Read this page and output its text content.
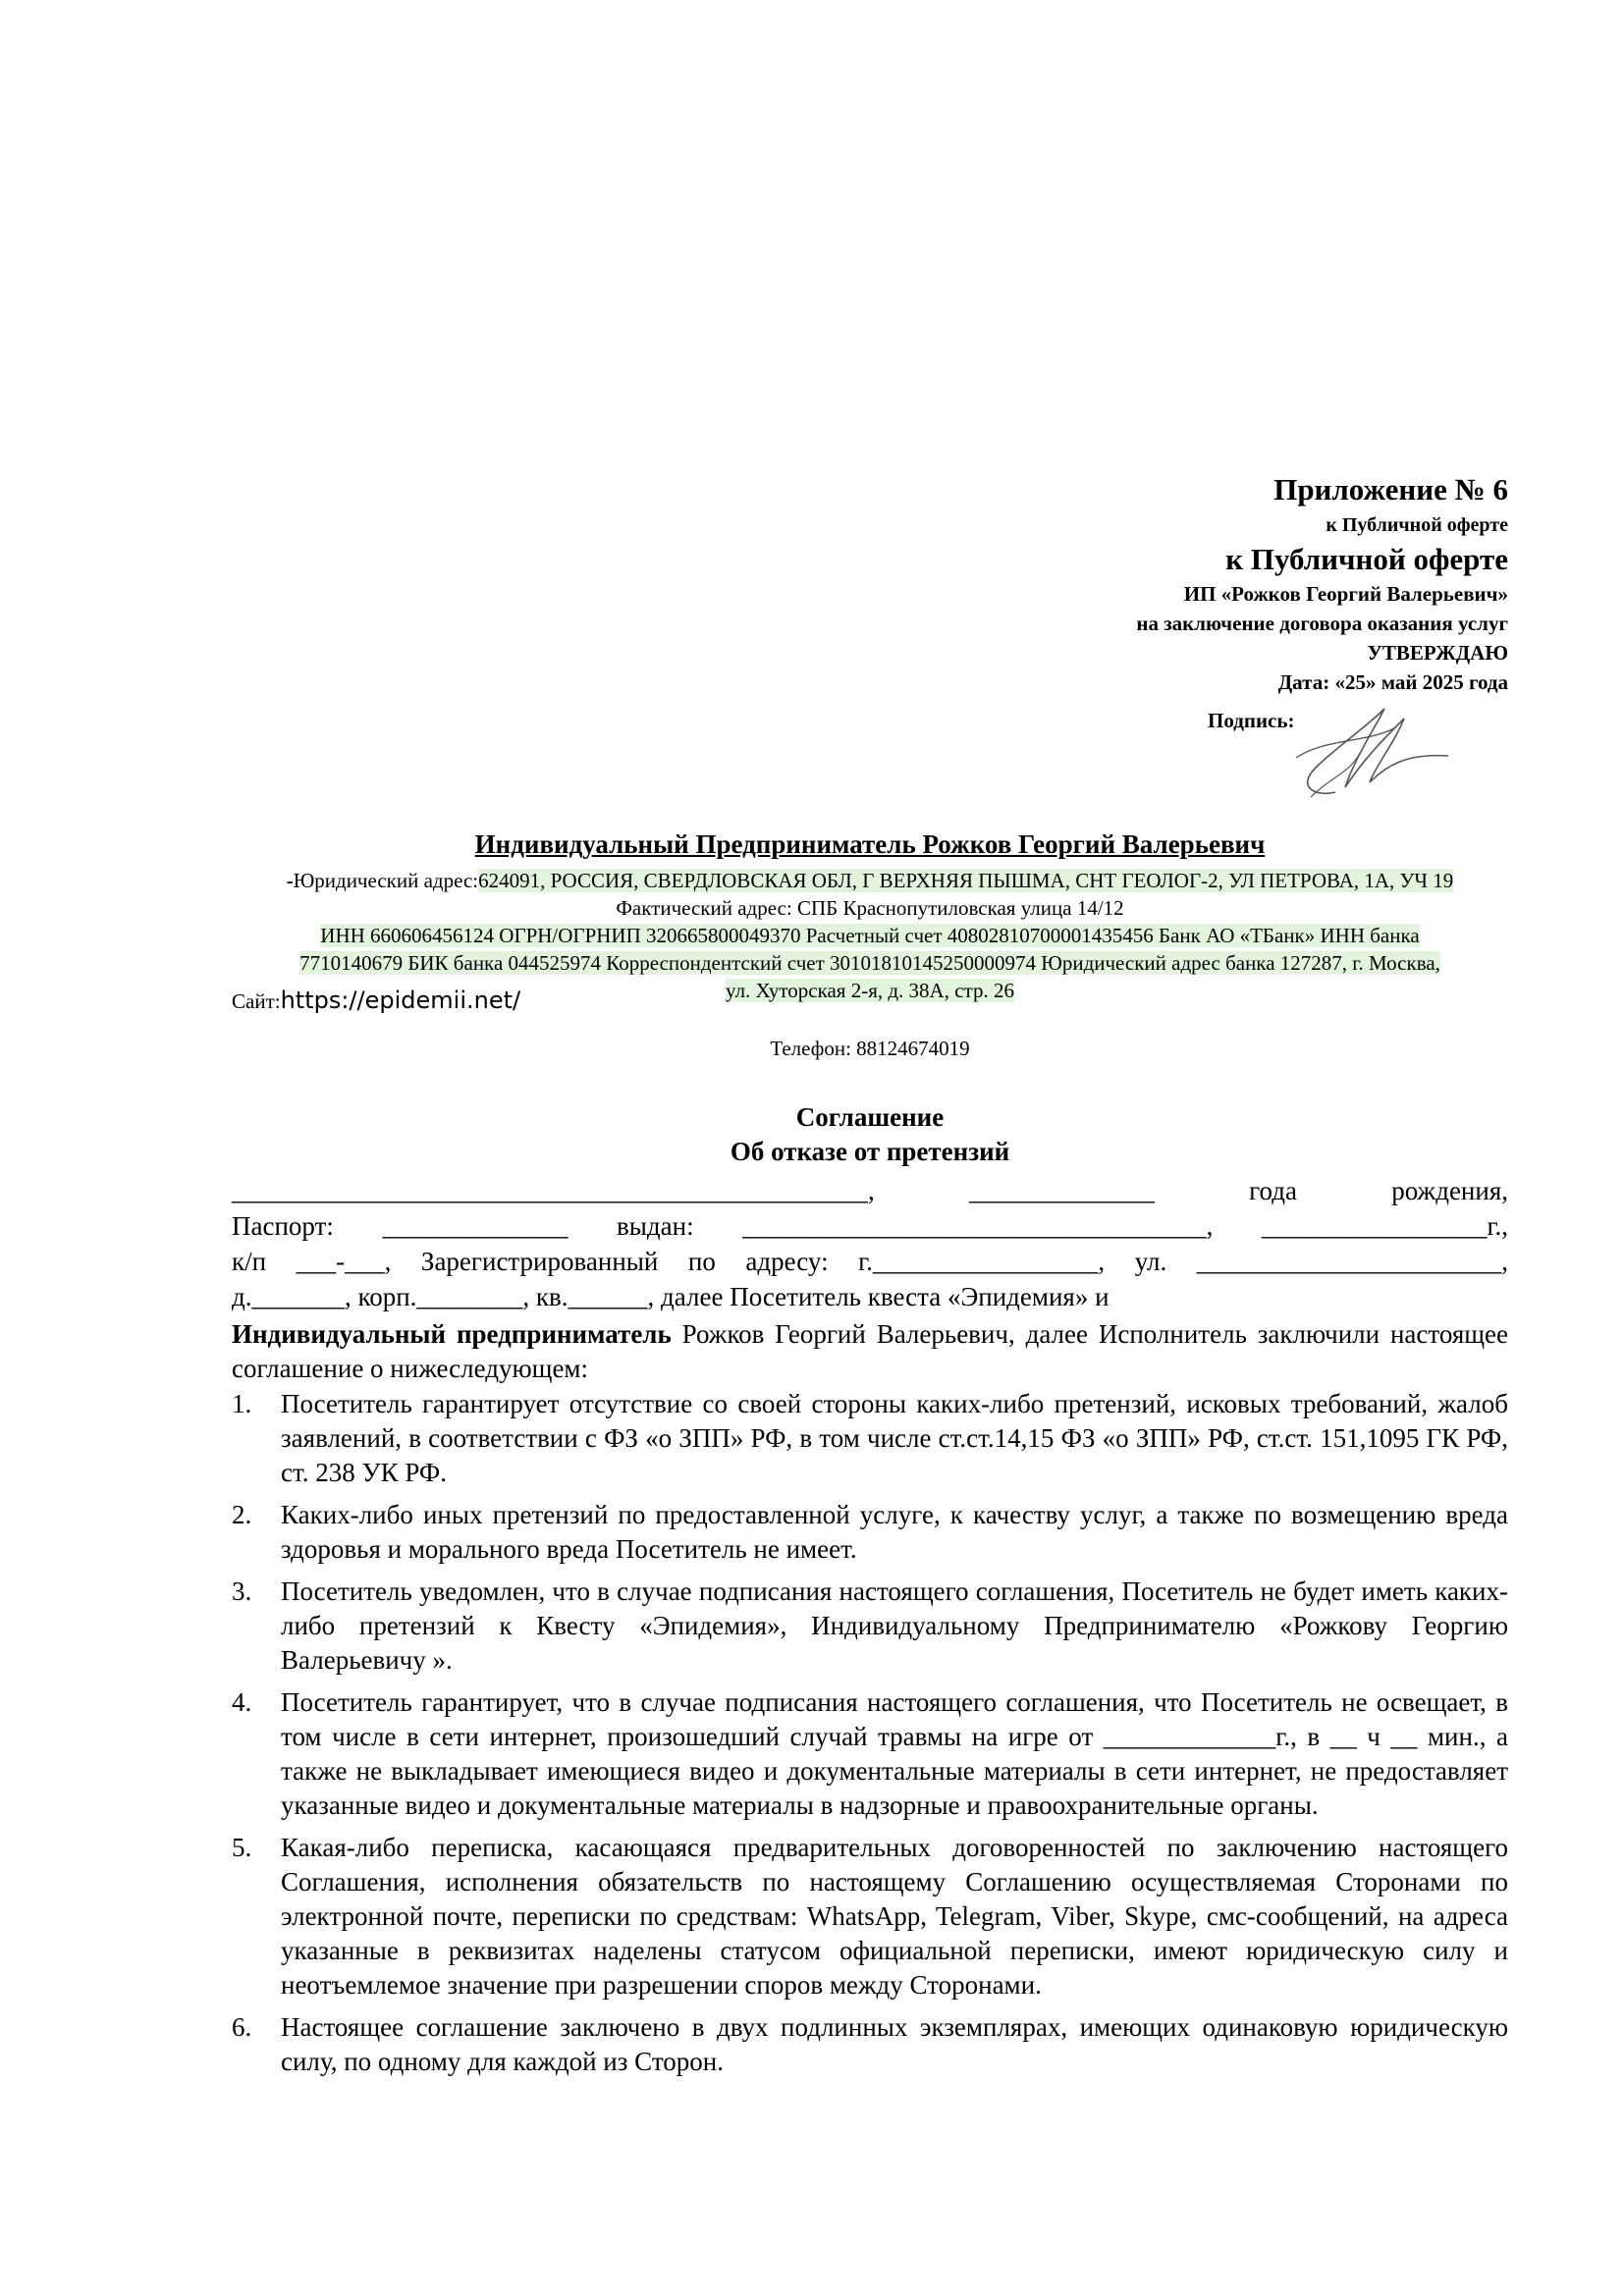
Приложение № 6
к Публичной оферте
к Публичной оферте
ИП «Рожков Георгий Валерьевич»
на заключение договора оказания услуг
УТВЕРЖДАЮ
Дата: «25» май 2025 года
Подпись:
Индивидуальный Предприниматель Рожков Георгий Валерьевич
-Юридический адрес:624091, РОССИЯ, СВЕРДЛОВСКАЯ ОБЛ, Г ВЕРХНЯЯ ПЫШМА, СНТ ГЕОЛОГ-2, УЛ ПЕТРОВА, 1А, УЧ 19
Фактический адрес: СПБ Краснопутиловская улица 14/12
ИНН 660606456124 ОГРН/ОГРНИП 320665800049370 Расчетный счет 40802810700001435456 Банк АО «ТБанк» ИНН банка
7710140679 БИК банка 044525974 Корреспондентский счет 30101810145250000974 Юридический адрес банка 127287, г. Москва,
ул. Хуторская 2-я, д. 38А, стр. 26
Сайт:https://epidemii.net/
Телефон: 88124674019
Соглашение
Об отказе от претензий
________________________________________________,	______________	года	рождения,
Паспорт: ______________ выдан: ___________________________________, _________________г.,
к/п ___-___, Зарегистрированный по адресу: г._________________, ул. _______________________,
д._______, корп.________, кв.______, далее Посетитель квеста «Эпидемия» и
Индивидуальный предприниматель Рожков Георгий Валерьевич, далее Исполнитель заключили настоящее соглашение о нижеследующем:
1. Посетитель гарантирует отсутствие со своей стороны каких-либо претензий, исковых требований, жалоб заявлений, в соответствии с ФЗ «о ЗПП» РФ, в том числе ст.ст.14,15 ФЗ «о ЗПП» РФ, ст.ст. 151,1095 ГК РФ, ст. 238 УК РФ.
2. Каких-либо иных претензий по предоставленной услуге, к качеству услуг, а также по возмещению вреда здоровья и морального вреда Посетитель не имеет.
3. Посетитель уведомлен, что в случае подписания настоящего соглашения, Посетитель не будет иметь каких-либо претензий к Квесту «Эпидемия», Индивидуальному Предпринимателю «Рожкову Георгию Валерьевичу ».
4. Посетитель гарантирует, что в случае подписания настоящего соглашения, что Посетитель не освещает, в том числе в сети интернет, произошедший случай травмы на игре от _____________г., в __ ч __ мин., а также не выкладывает имеющиеся видео и документальные материалы в сети интернет, не предоставляет указанные видео и документальные материалы в надзорные и правоохранительные органы.
5. Какая-либо переписка, касающаяся предварительных договоренностей по заключению настоящего Соглашения, исполнения обязательств по настоящему Соглашению осуществляемая Сторонами по электронной почте, переписки по средствам: WhatsApp, Telegram, Viber, Skype, смс-сообщений, на адреса указанные в реквизитах наделены статусом официальной переписки, имеют юридическую силу и неотъемлемое значение при разрешении споров между Сторонами.
6. Настоящее соглашение заключено в двух подлинных экземплярах, имеющих одинаковую юридическую силу, по одному для каждой из Сторон.
